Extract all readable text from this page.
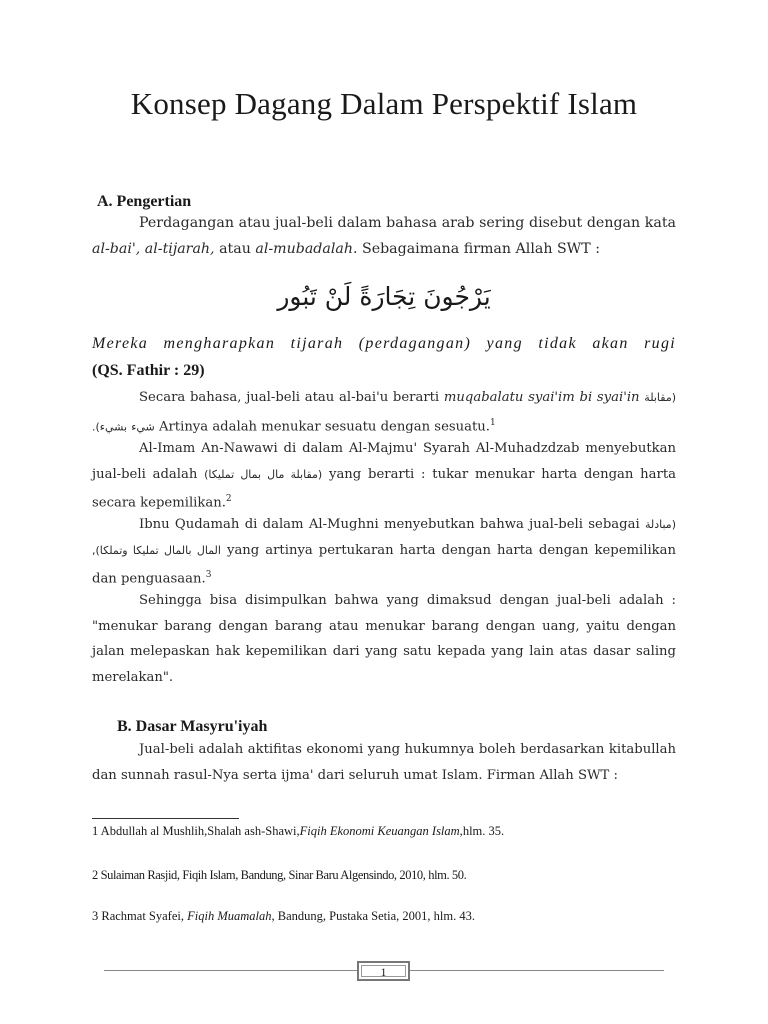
Konsep Dagang Dalam Perspektif Islam
A. Pengertian

Perdagangan atau jual-beli dalam bahasa arab sering disebut dengan kata al-bai', al-tijarah, atau al-mubadalah. Sebagaimana firman Allah SWT :

يَرْجُونَ تِجَارَةً لَنْ تَبُور

Mereka mengharapkan tijarah (perdagangan) yang tidak akan rugi (QS. Fathir : 29)

Secara bahasa, jual-beli atau al-bai'u berarti muqabalatu syai'im bi syai'in (مقابلة شيء بشيء). Artinya adalah menukar sesuatu dengan sesuatu.$^1$

Al-Imam An-Nawawi di dalam Al-Majmu' Syarah Al-Muhadzdzab menyebutkan jual-beli adalah (مقابلة مال بمال تمليكا) yang berarti : tukar menukar harta dengan harta secara kepemilikan.$^2$

Ibnu Qudamah di dalam Al-Mughni menyebutkan bahwa jual-beli sebagai (مبادلة المال بالمال تمليكا وتملكا), yang artinya pertukaran harta dengan harta dengan kepemilikan dan penguasaan.$^3$

Sehingga bisa disimpulkan bahwa yang dimaksud dengan jual-beli adalah : "menukar barang dengan barang atau menukar barang dengan uang, yaitu dengan jalan melepaskan hak kepemilikan dari yang satu kepada yang lain atas dasar saling merelakan".

B. Dasar Masyru'iyah

Jual-beli adalah aktifitas ekonomi yang hukumnya boleh berdasarkan kitabullah dan sunnah rasul-Nya serta ijma' dari seluruh umat Islam. Firman Allah SWT :

1 Abdullah al Mushlih,Shalah ash-Shawi,Fiqih Ekonomi Keuangan Islam,hlm. 35.

2 Sulaiman Rasjid, Fiqih Islam, Bandung, Sinar Baru Algensindo, 2010, hlm. 50.

3 Rachmat Syafei, Fiqih Muamalah, Bandung, Pustaka Setia, 2001, hlm. 43.

1
